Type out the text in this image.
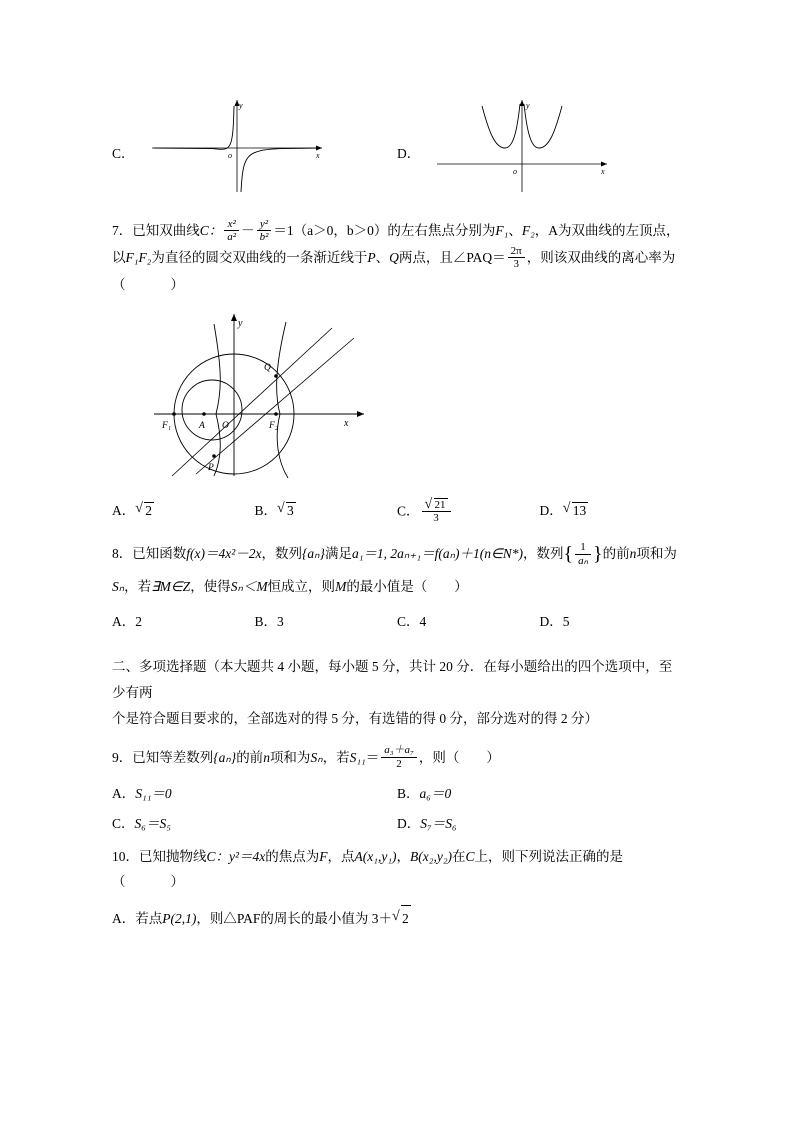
C．
y
x
o	D．
y
x
o
7．已知双曲线C： $\frac{\text{x²}}{\text{a²}} - \frac{\text{y²}}{\text{b²}} =1(a>0$，b＞0）的左右焦点分别为F₁、F₂，A为双曲线的左顶点，
以F₁F₂为直径的圆交双曲线的一条渐近线于P、Q两点，且∠PAQ＝ $\frac{2\pi}{3}$ ，则该双曲线的离心率为
（　　）
F₁	A O	F₂	x
y
Q
P
A． √ 2	B． √ 3	C． √ $\frac{21}{3}$	D． √ 13
8．已知函数f(x)＝4x²－2x，数列{aₙ}满足a₁＝1, 2aₙ₊₁＝f(aₙ)＋1(n∈N*)，数列{ $\frac{1}{\text{aₙ}}$ }的前n项和为
Sₙ，若∃M∈Z，使得Sₙ＜M恒成立，则M的最小值是（　　）
A．2	B．3	C．4	D．5
二、多项选择题（本大题共 4 小题，每小题 5 分，共计 20 分．在每小题给出的四个选项中，至少有两
个是符合题目要求的，全部选对的得 5 分，有选错的得 0 分，部分选对的得 2 分）
9．已知等差数列{aₙ}的前n项和为Sₙ，若$S_{11}= \frac{\text{a₃＋a₇}}{2}$ ，则（　　）
A．S₁₁＝0	B．a₆＝0
C．S₆＝S₅	D．S₇＝S₆
10．已知抛物线C：y²＝4x的焦点为F，点A(x₁,y₁)，B(x₂,y₂)在C上，则下列说法正确的是
（　　）
A．若点P(2,1)，则△PAF的周长的最小值为 3＋ √ 2
